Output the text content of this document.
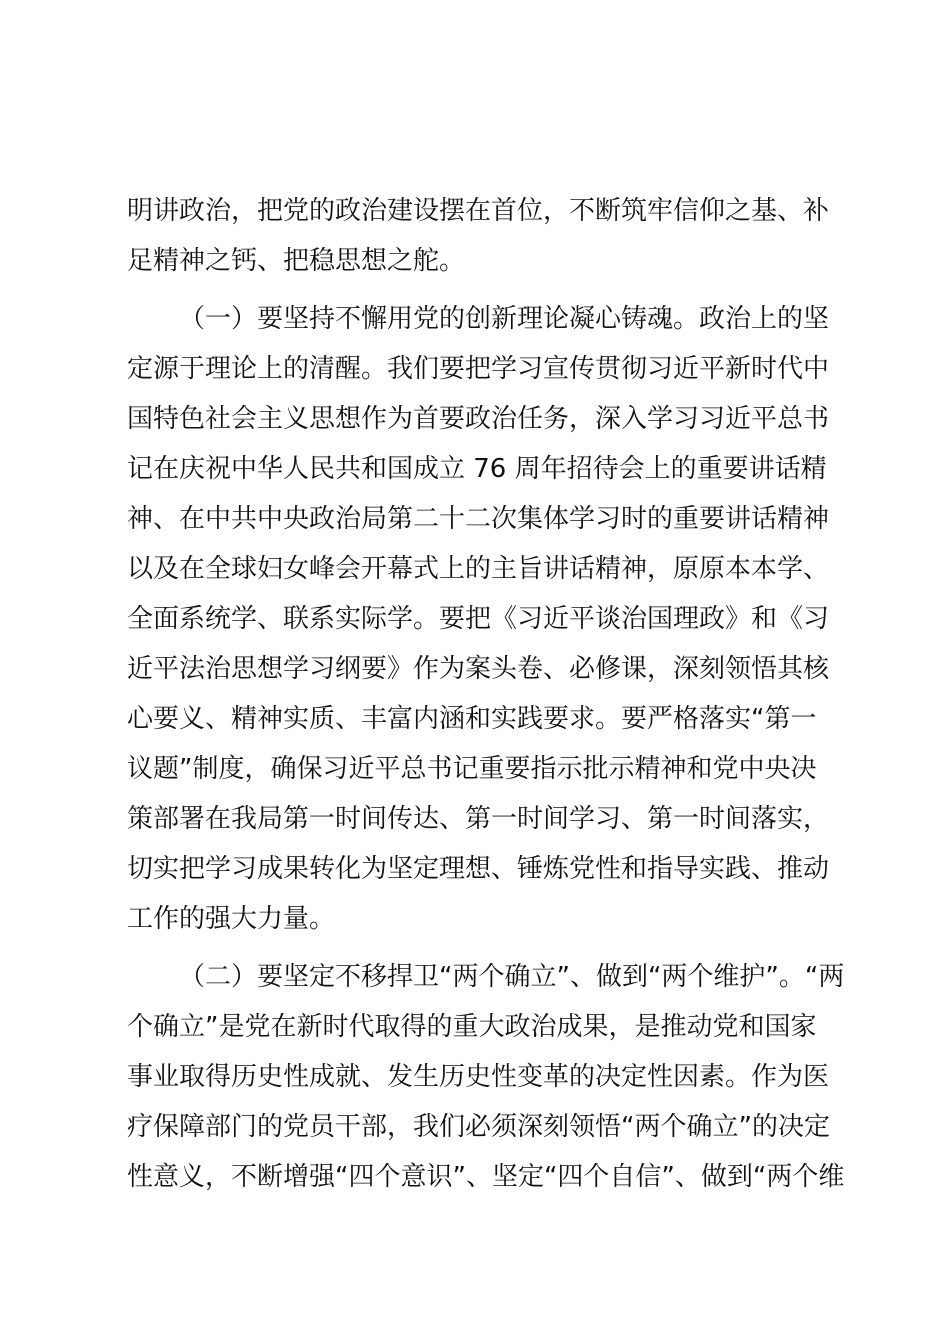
明讲政治，把党的政治建设摆在首位，不断筑牢信仰之基、补
足精神之钙、把稳思想之舵。
（一）要坚持不懈用党的创新理论凝心铸魂。政治上的坚
定源于理论上的清醒。我们要把学习宣传贯彻习近平新时代中
国特色社会主义思想作为首要政治任务，深入学习习近平总书
记在庆祝中华人民共和国成立 76 周年招待会上的重要讲话精
神、在中共中央政治局第二十二次集体学习时的重要讲话精神
以及在全球妇女峰会开幕式上的主旨讲话精神，原原本本学、
全面系统学、联系实际学。要把《习近平谈治国理政》和《习
近平法治思想学习纲要》作为案头卷、必修课，深刻领悟其核
心要义、精神实质、丰富内涵和实践要求。要严格落实“第一
议题”制度，确保习近平总书记重要指示批示精神和党中央决
策部署在我局第一时间传达、第一时间学习、第一时间落实，
切实把学习成果转化为坚定理想、锤炼党性和指导实践、推动
工作的强大力量。
（二）要坚定不移捍卫“两个确立”、做到“两个维护”。“两
个确立”是党在新时代取得的重大政治成果，是推动党和国家
事业取得历史性成就、发生历史性变革的决定性因素。作为医
疗保障部门的党员干部，我们必须深刻领悟“两个确立”的决定
性意义，不断增强“四个意识”、坚定“四个自信”、做到“两个维
